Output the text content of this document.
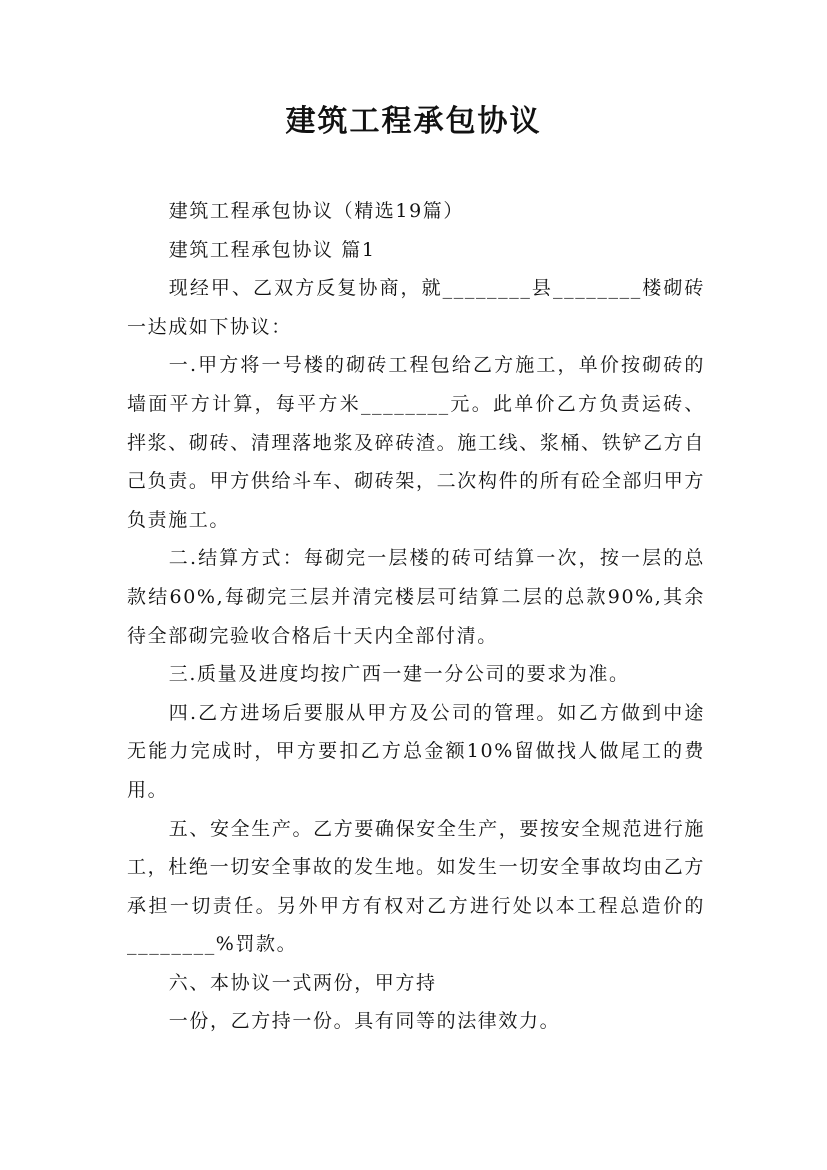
建筑工程承包协议

建筑工程承包协议（精选19篇）

建筑工程承包协议 篇1

现经甲、乙双方反复协商，就________县________楼砌砖一达成如下协议：

一.甲方将一号楼的砌砖工程包给乙方施工，单价按砌砖的墙面平方计算，每平方米________元。此单价乙方负责运砖、拌浆、砌砖、清理落地浆及碎砖渣。施工线、浆桶、铁铲乙方自己负责。甲方供给斗车、砌砖架，二次构件的所有砼全部归甲方负责施工。

二.结算方式：每砌完一层楼的砖可结算一次，按一层的总款结60%,每砌完三层并清完楼层可结算二层的总款90%,其余待全部砌完验收合格后十天内全部付清。

三.质量及进度均按广西一建一分公司的要求为准。

四.乙方进场后要服从甲方及公司的管理。如乙方做到中途无能力完成时，甲方要扣乙方总金额10%留做找人做尾工的费用。

五、安全生产。乙方要确保安全生产，要按安全规范进行施工，杜绝一切安全事故的发生地。如发生一切安全事故均由乙方承担一切责任。另外甲方有权对乙方进行处以本工程总造价的________%罚款。

六、本协议一式两份，甲方持

一份，乙方持一份。具有同等的法律效力。
